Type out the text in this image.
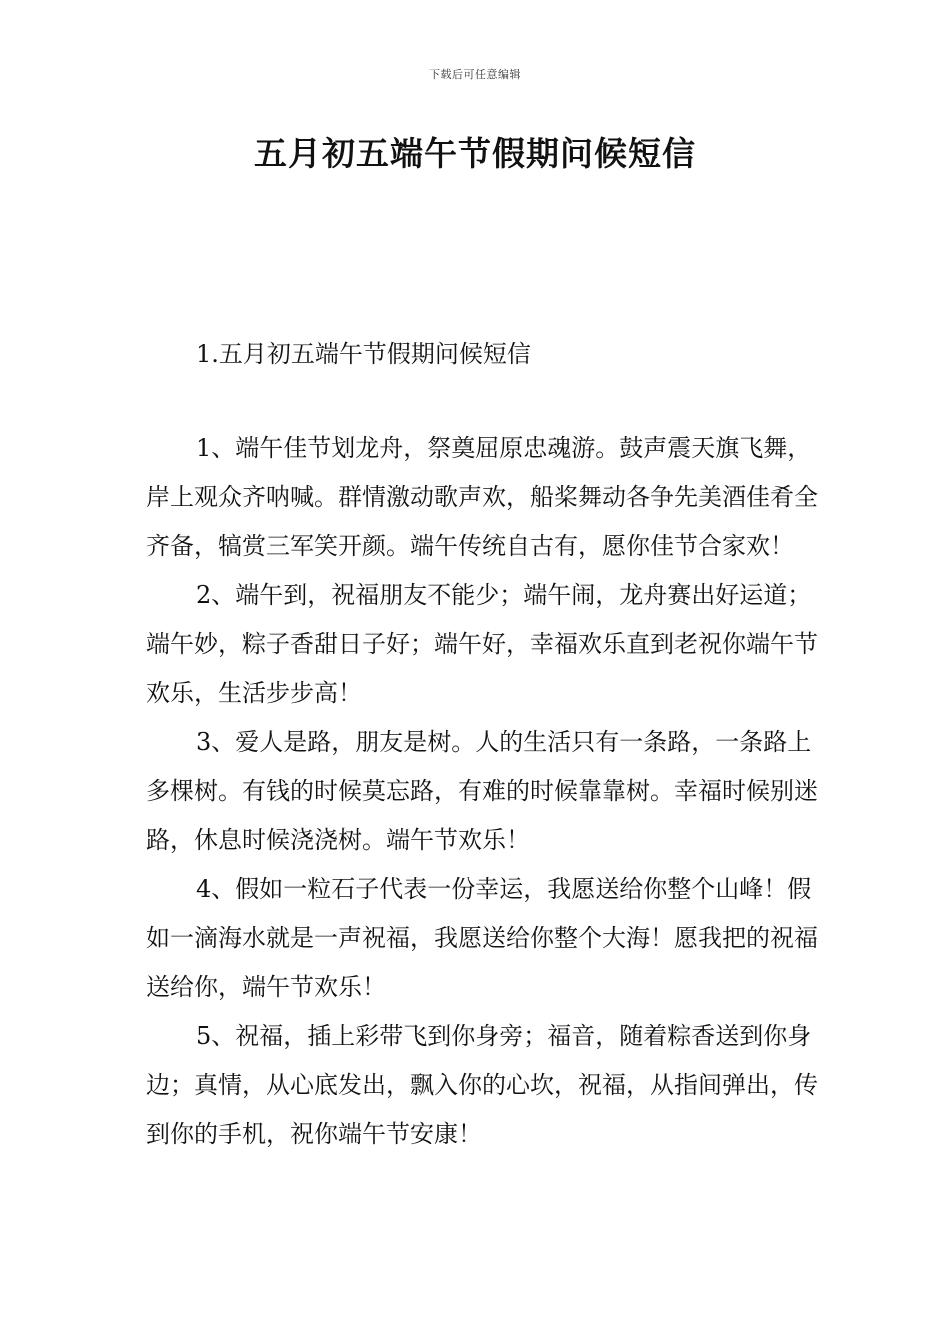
下载后可任意编辑
五月初五端午节假期问候短信
1.五月初五端午节假期问候短信

1、端午佳节划龙舟，祭奠屈原忠魂游。鼓声震天旗飞舞，岸上观众齐呐喊。群情激动歌声欢，船桨舞动各争先美酒佳肴全齐备，犒赏三军笑开颜。端午传统自古有，愿你佳节合家欢！

2、端午到，祝福朋友不能少；端午闹，龙舟赛出好运道；端午妙，粽子香甜日子好；端午好，幸福欢乐直到老祝你端午节欢乐，生活步步高！

3、爱人是路，朋友是树。人的生活只有一条路，一条路上多棵树。有钱的时候莫忘路，有难的时候靠靠树。幸福时候别迷路，休息时候浇浇树。端午节欢乐！

4、假如一粒石子代表一份幸运，我愿送给你整个山峰！假如一滴海水就是一声祝福，我愿送给你整个大海！愿我把的祝福送给你，端午节欢乐！

5、祝福，插上彩带飞到你身旁；福音，随着粽香送到你身边；真情，从心底发出，飘入你的心坎，祝福，从指间弹出，传到你的手机，祝你端午节安康！
